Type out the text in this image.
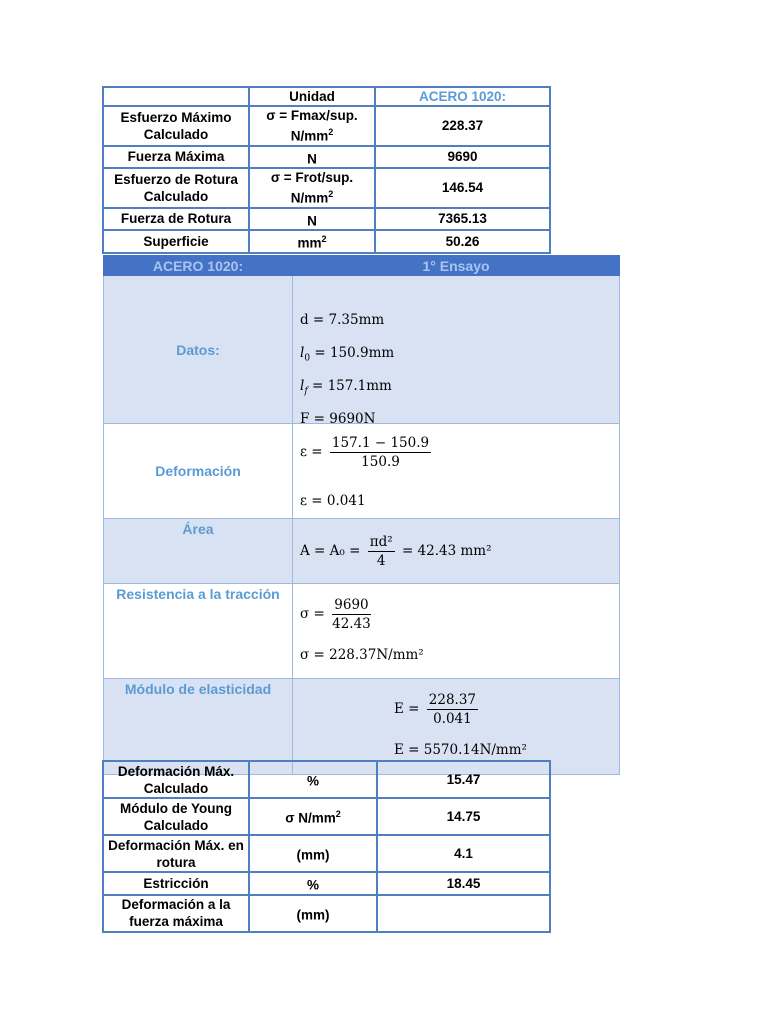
	Unidad	ACERO 1020:
Esfuerzo Máximo Calculado	σ = Fmax/sup. $N/mm^2$	228.37
Fuerza Máxima	N	9690
Esfuerzo de Rotura Calculado	σ = Frot/sup. $N/mm^2$	146.54
Fuerza de Rotura	N	7365.13
Superficie	$mm^2$	50.26
ACERO 1020:	1° Ensayo
Datos:	d = 7.35mm
$l_0 = 150.9mm$
$l_f = 157.1mm$
F = 9690N

Deformación	$\varepsilon = \frac{157.1 - 150.9}{150.9}$
ε = 0.041

Área	$A = A_0 = \frac{\text{πd²}}{4} = 42.43$ mm²

Resistencia a la tracción	$\sigma = \frac{9690}{42.43}$
σ = 228.37N/mm²

Módulo de elasticidad	$E = \frac{228.37}{0.041}$
E = 5570.14N/mm²
Deformación Máx. Calculado	%	15.47
Módulo de Young Calculado	σ $N/mm^2$	14.75
Deformación Máx. en rotura	(mm)	4.1
Estricción	%	18.45
Deformación a la fuerza máxima	(mm)	
